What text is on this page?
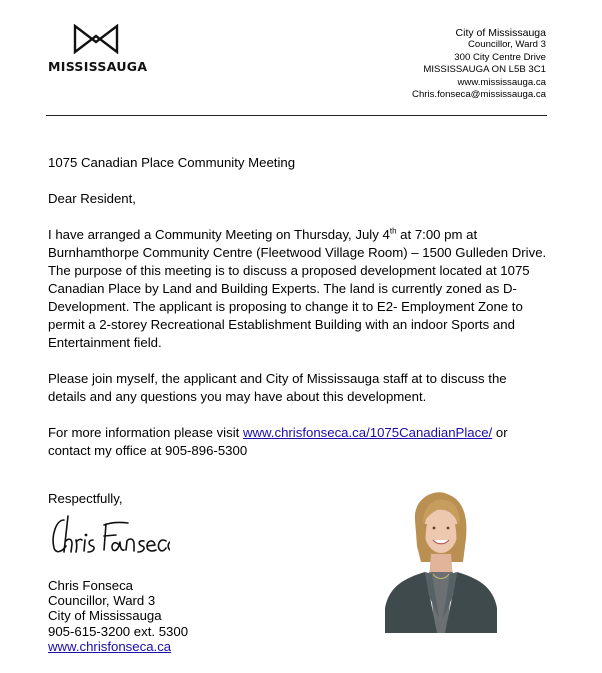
MISSISSAUGA
City of Mississauga
Councillor, Ward 3
300 City Centre Drive
MISSISSAUGA ON L5B 3C1
www.mississauga.ca
Chris.fonseca@mississauga.ca

1075 Canadian Place Community Meeting

Dear Resident,

I have arranged a Community Meeting on Thursday, July 4th at 7:00 pm at Burnhamthorpe Community Centre (Fleetwood Village Room) – 1500 Gulleden Drive. The purpose of this meeting is to discuss a proposed development located at 1075 Canadian Place by Land and Building Experts. The land is currently zoned as D-Development. The applicant is proposing to change it to E2- Employment Zone to permit a 2-storey Recreational Establishment Building with an indoor Sports and Entertainment field.

Please join myself, the applicant and City of Mississauga staff at to discuss the details and any questions you may have about this development.

For more information please visit www.chrisfonseca.ca/1075CanadianPlace/ or contact my office at 905-896-5300

Respectfully,

Chris Fonseca
Councillor, Ward 3
City of Mississauga
905-615-3200 ext. 5300
www.chrisfonseca.ca
